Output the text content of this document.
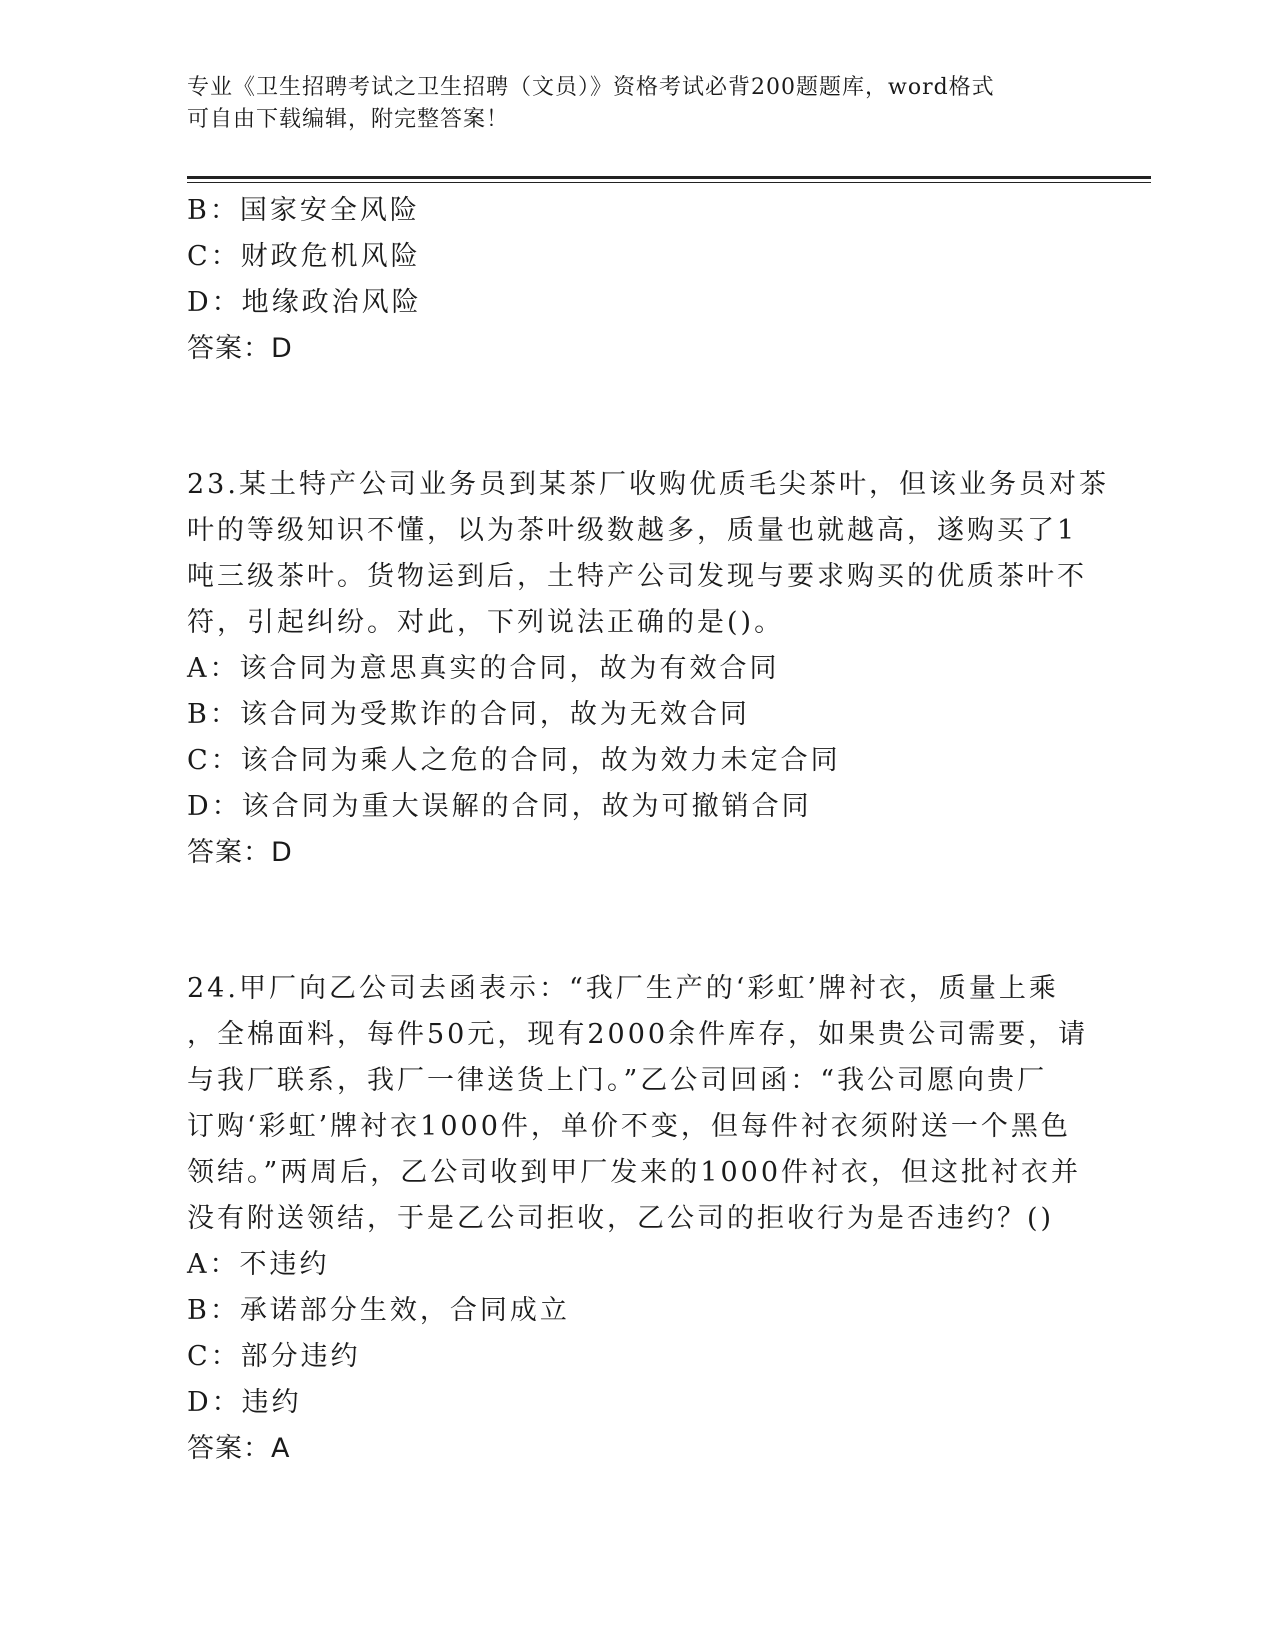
专业《卫生招聘考试之卫生招聘（文员）》资格考试必背200题题库，word格式
可自由下载编辑，附完整答案！
B：国家安全风险
C：财政危机风险
D：地缘政治风险
答案：D
23.某土特产公司业务员到某茶厂收购优质毛尖茶叶，但该业务员对茶
叶的等级知识不懂，以为茶叶级数越多，质量也就越高，遂购买了1
吨三级茶叶。货物运到后，土特产公司发现与要求购买的优质茶叶不
符，引起纠纷。对此，下列说法正确的是()。
A：该合同为意思真实的合同，故为有效合同
B：该合同为受欺诈的合同，故为无效合同
C：该合同为乘人之危的合同，故为效力未定合同
D：该合同为重大误解的合同，故为可撤销合同
答案：D
24.甲厂向乙公司去函表示：“我厂生产的‘彩虹’牌衬衣，质量上乘
，全棉面料，每件50元，现有2000余件库存，如果贵公司需要，请
与我厂联系，我厂一律送货上门。”乙公司回函：“我公司愿向贵厂
订购‘彩虹’牌衬衣1000件，单价不变，但每件衬衣须附送一个黑色
领结。”两周后，乙公司收到甲厂发来的1000件衬衣，但这批衬衣并
没有附送领结，于是乙公司拒收，乙公司的拒收行为是否违约？()
A：不违约
B：承诺部分生效，合同成立
C：部分违约
D：违约
答案：A
